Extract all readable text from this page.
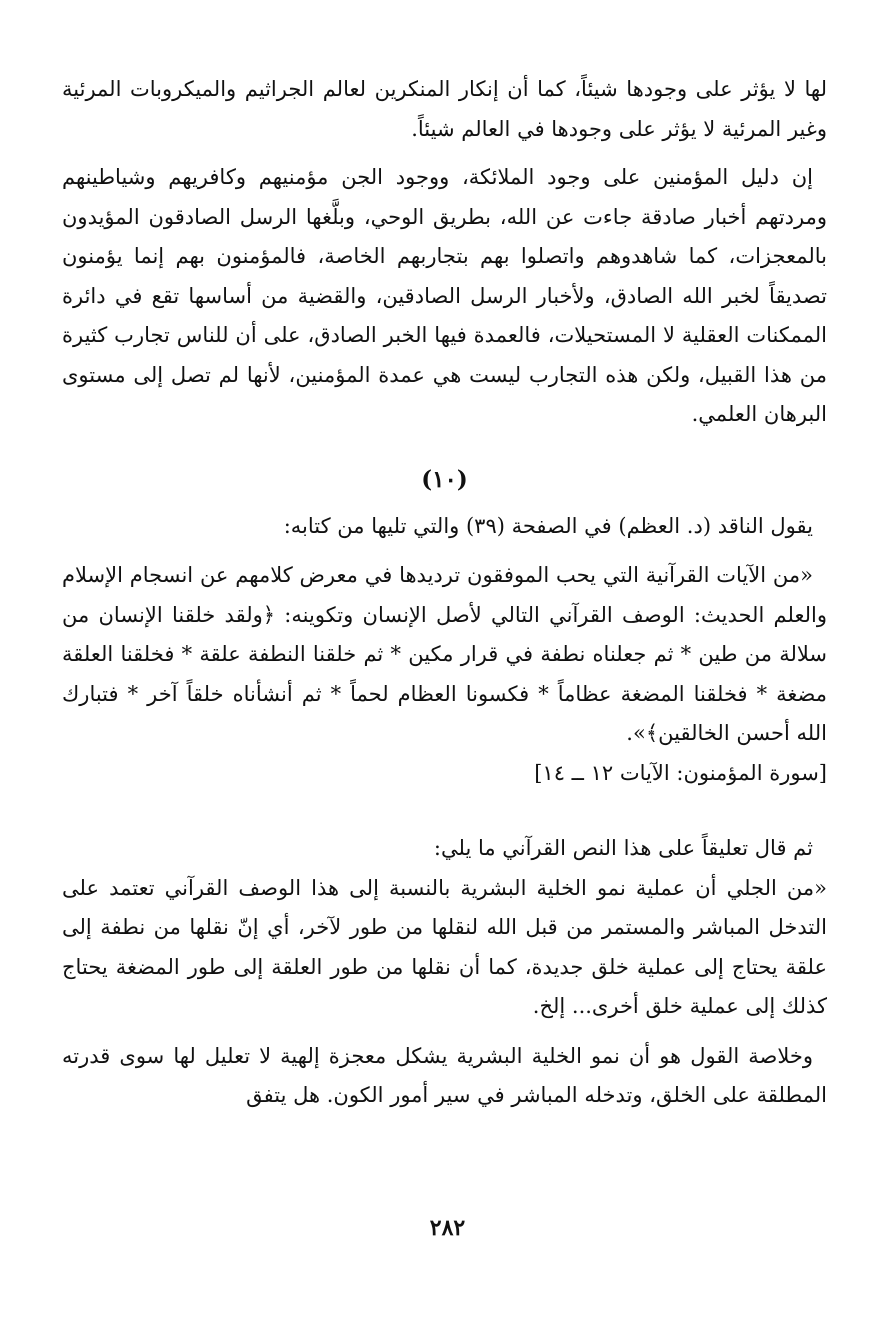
لها لا يؤثر على وجودها شيئاً، كما أن إنكار المنكرين لعالم الجراثيم والميكروبات المرئية وغير المرئية لا يؤثر على وجودها في العالم شيئاً.

إن دليل المؤمنين على وجود الملائكة، ووجود الجن مؤمنيهم وكافريهم وشياطينهم ومردتهم أخبار صادقة جاءت عن الله، بطريق الوحي، وبلَّغها الرسل الصادقون المؤيدون بالمعجزات، كما شاهدوهم واتصلوا بهم بتجاربهم الخاصة، فالمؤمنون بهم إنما يؤمنون تصديقاً لخبر الله الصادق، ولأخبار الرسل الصادقين، والقضية من أساسها تقع في دائرة الممكنات العقلية لا المستحيلات، فالعمدة فيها الخبر الصادق، على أن للناس تجارب كثيرة من هذا القبيل، ولكن هذه التجارب ليست هي عمدة المؤمنين، لأنها لم تصل إلى مستوى البرهان العلمي.

(١٠)

يقول الناقد (د. العظم) في الصفحة (٣٩) والتي تليها من كتابه:

«من الآيات القرآنية التي يحب الموفقون ترديدها في معرض كلامهم عن انسجام الإسلام والعلم الحديث: الوصف القرآني التالي لأصل الإنسان وتكوينه: ﴿ولقد خلقنا الإنسان من سلالة من طين * ثم جعلناه نطفة في قرار مكين * ثم خلقنا النطفة علقة * فخلقنا العلقة مضغة * فخلقنا المضغة عظاماً * فكسونا العظام لحماً * ثم أنشأناه خلقاً آخر * فتبارك الله أحسن الخالقين﴾».

[سورة المؤمنون: الآيات ١٢ ــ ١٤]

ثم قال تعليقاً على هذا النص القرآني ما يلي:

«من الجلي أن عملية نمو الخلية البشرية بالنسبة إلى هذا الوصف القرآني تعتمد على التدخل المباشر والمستمر من قبل الله لنقلها من طور لآخر، أي إنّ نقلها من نطفة إلى علقة يحتاج إلى عملية خلق جديدة، كما أن نقلها من طور العلقة إلى طور المضغة يحتاج كذلك إلى عملية خلق أخرى... إلخ.

وخلاصة القول هو أن نمو الخلية البشرية يشكل معجزة إلهية لا تعليل لها سوى قدرته المطلقة على الخلق، وتدخله المباشر في سير أمور الكون. هل يتفق

٢٨٢
